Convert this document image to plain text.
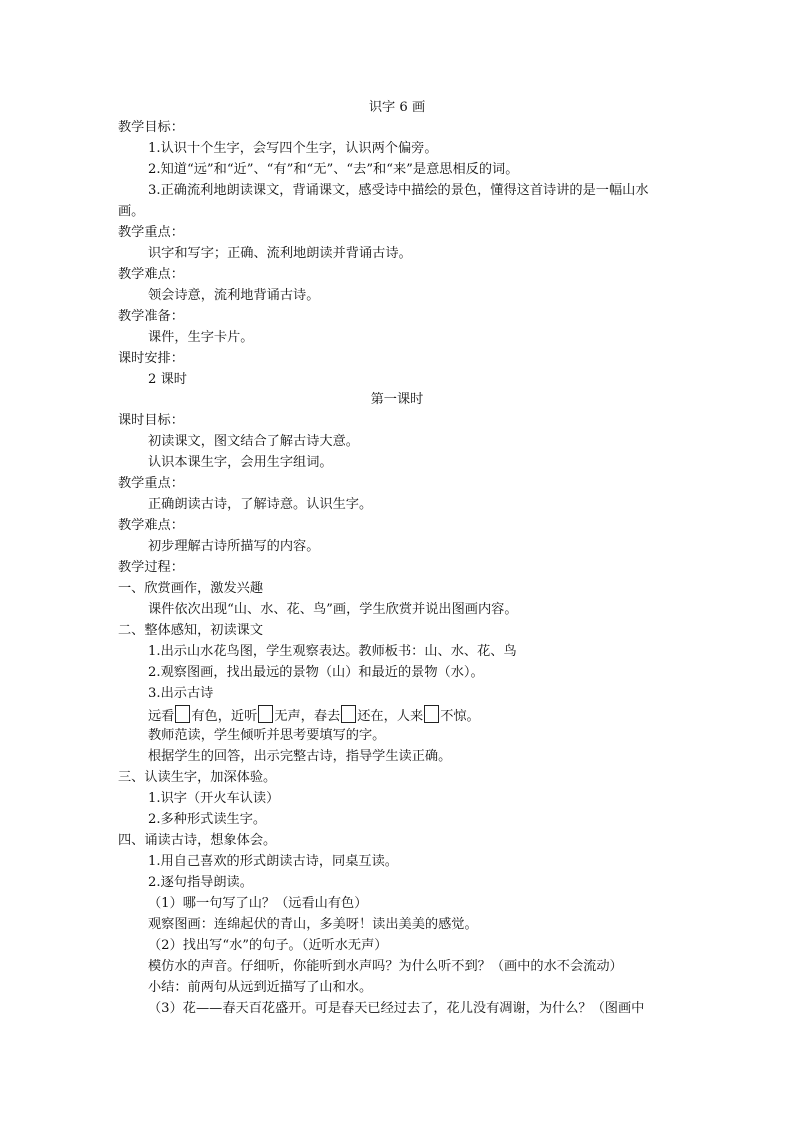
识字 6 画
教学目标：
1.认识十个生字，会写四个生字，认识两个偏旁。
2.知道“远”和“近”、“有”和“无”、“去”和“来”是意思相反的词。
3.正确流利地朗读课文，背诵课文，感受诗中描绘的景色，懂得这首诗讲的是一幅山水
画。
教学重点：
识字和写字；正确、流利地朗读并背诵古诗。
教学难点：
领会诗意，流利地背诵古诗。
教学准备：
课件，生字卡片。
课时安排：
2 课时
第一课时
课时目标：
初读课文，图文结合了解古诗大意。
认识本课生字，会用生字组词。
教学重点：
正确朗读古诗，了解诗意。认识生字。
教学难点：
初步理解古诗所描写的内容。
教学过程：
一、欣赏画作，激发兴趣
课件依次出现“山、水、花、鸟”画，学生欣赏并说出图画内容。
二、整体感知，初读课文
1.出示山水花鸟图，学生观察表达。教师板书：山、水、花、鸟
2.观察图画，找出最远的景物（山）和最近的景物（水）。
3.出示古诗
远看 有色，近听 无声，春去 还在，人来 不惊。
教师范读，学生倾听并思考要填写的字。
根据学生的回答，出示完整古诗，指导学生读正确。
三、认读生字，加深体验。
1.识字（开火车认读）
2.多种形式读生字。
四、诵读古诗，想象体会。
1.用自己喜欢的形式朗读古诗，同桌互读。
2.逐句指导朗读。
（1）哪一句写了山？（远看山有色）
观察图画：连绵起伏的青山，多美呀！读出美美的感觉。
（2）找出写“水”的句子。（近听水无声）
模仿水的声音。仔细听，你能听到水声吗？为什么听不到？（画中的水不会流动）
小结：前两句从远到近描写了山和水。
（3）花——春天百花盛开。可是春天已经过去了，花儿没有凋谢，为什么？（图画中
